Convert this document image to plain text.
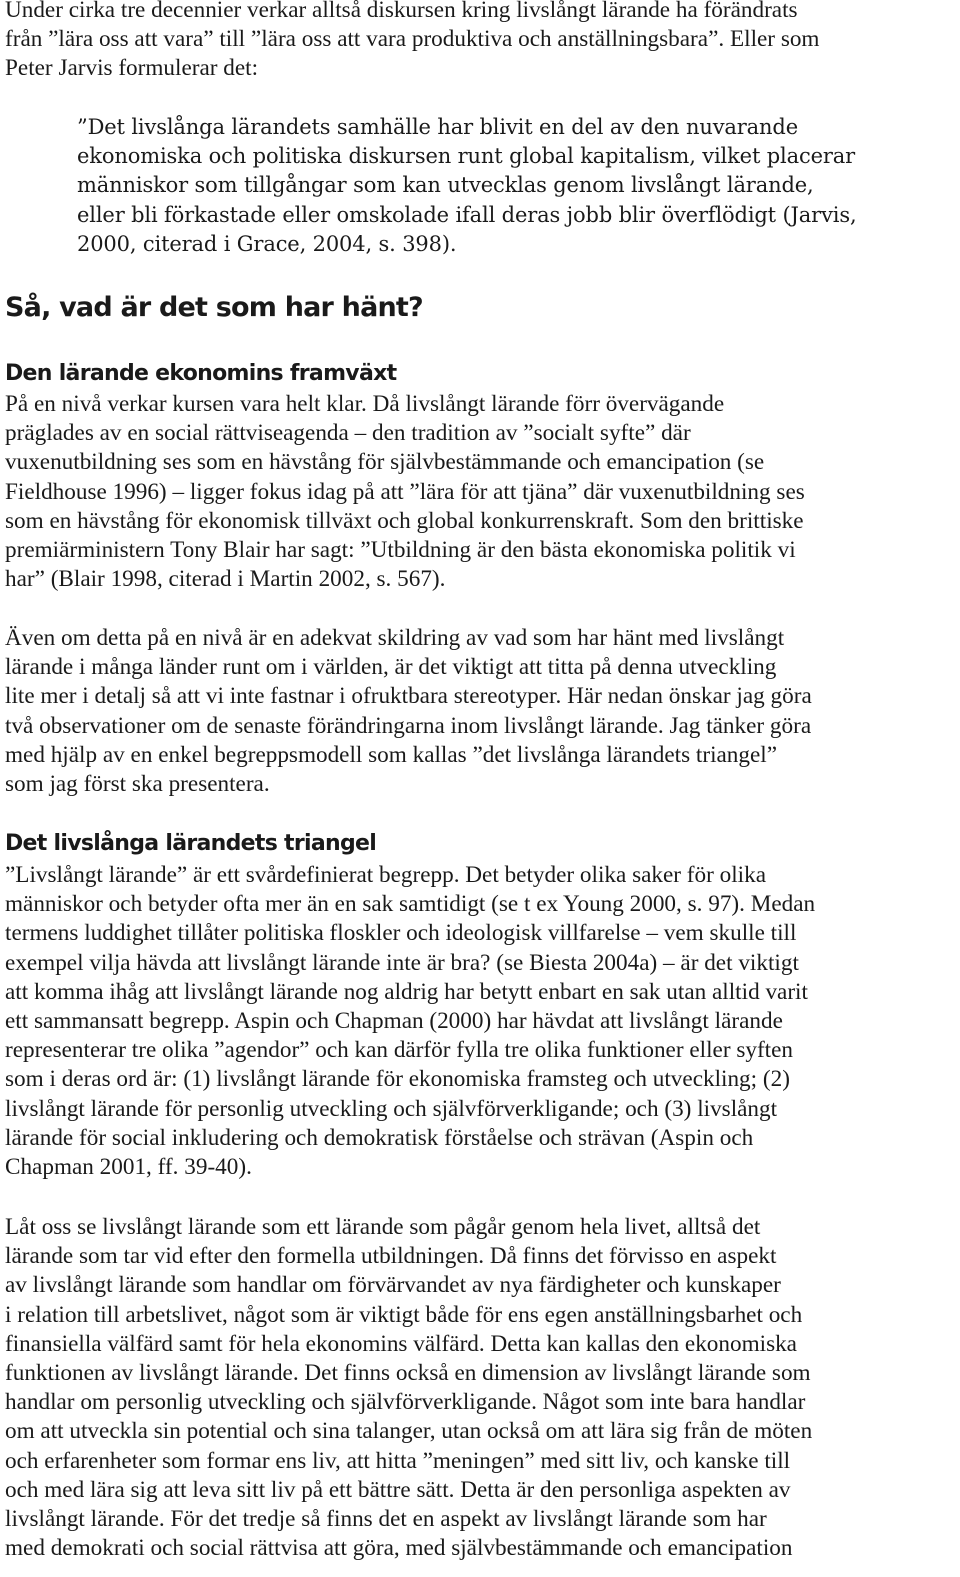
Under cirka tre decennier verkar alltså diskursen kring livslångt lärande ha förändrats
från ”lära oss att vara” till ”lära oss att vara produktiva och anställningsbara”. Eller som
Peter Jarvis formulerar det:
”Det livslånga lärandets samhälle har blivit en del av den nuvarande
ekonomiska och politiska diskursen runt global kapitalism, vilket placerar
människor som tillgångar som kan utvecklas genom livslångt lärande,
eller bli förkastade eller omskolade ifall deras jobb blir överflödigt (Jarvis,
2000, citerad i Grace, 2004, s. 398).
Så, vad är det som har hänt?
Den lärande ekonomins framväxt
På en nivå verkar kursen vara helt klar. Då livslångt lärande förr övervägande
präglades av en social rättviseagenda – den tradition av ”socialt syfte” där
vuxenutbildning ses som en hävstång för självbestämmande och emancipation (se
Fieldhouse 1996) – ligger fokus idag på att ”lära för att tjäna” där vuxenutbildning ses
som en hävstång för ekonomisk tillväxt och global konkurrenskraft. Som den brittiske
premiärministern Tony Blair har sagt: ”Utbildning är den bästa ekonomiska politik vi
har” (Blair 1998, citerad i Martin 2002, s. 567).
Även om detta på en nivå är en adekvat skildring av vad som har hänt med livslångt
lärande i många länder runt om i världen, är det viktigt att titta på denna utveckling
lite mer i detalj så att vi inte fastnar i ofruktbara stereotyper. Här nedan önskar jag göra
två observationer om de senaste förändringarna inom livslångt lärande. Jag tänker göra
med hjälp av en enkel begreppsmodell som kallas ”det livslånga lärandets triangel”
som jag först ska presentera.
Det livslånga lärandets triangel
”Livslångt lärande” är ett svårdefinierat begrepp. Det betyder olika saker för olika
människor och betyder ofta mer än en sak samtidigt (se t ex Young 2000, s. 97). Medan
termens luddighet tillåter politiska floskler och ideologisk villfarelse – vem skulle till
exempel vilja hävda att livslångt lärande inte är bra? (se Biesta 2004a) – är det viktigt
att komma ihåg att livslångt lärande nog aldrig har betytt enbart en sak utan alltid varit
ett sammansatt begrepp. Aspin och Chapman (2000) har hävdat att livslångt lärande
representerar tre olika ”agendor” och kan därför fylla tre olika funktioner eller syften
som i deras ord är: (1) livslångt lärande för ekonomiska framsteg och utveckling; (2)
livslångt lärande för personlig utveckling och självförverkligande; och (3) livslångt
lärande för social inkludering och demokratisk förståelse och strävan (Aspin och
Chapman 2001, ff. 39-40).
Låt oss se livslångt lärande som ett lärande som pågår genom hela livet, alltså det
lärande som tar vid efter den formella utbildningen. Då finns det förvisso en aspekt
av livslångt lärande som handlar om förvärvandet av nya färdigheter och kunskaper
i relation till arbetslivet, något som är viktigt både för ens egen anställningsbarhet och
finansiella välfärd samt för hela ekonomins välfärd. Detta kan kallas den ekonomiska
funktionen av livslångt lärande. Det finns också en dimension av livslångt lärande som
handlar om personlig utveckling och självförverkligande. Något som inte bara handlar
om att utveckla sin potential och sina talanger, utan också om att lära sig från de möten
och erfarenheter som formar ens liv, att hitta ”meningen” med sitt liv, och kanske till
och med lära sig att leva sitt liv på ett bättre sätt. Detta är den personliga aspekten av
livslångt lärande. För det tredje så finns det en aspekt av livslångt lärande som har
med demokrati och social rättvisa att göra, med självbestämmande och emancipation
